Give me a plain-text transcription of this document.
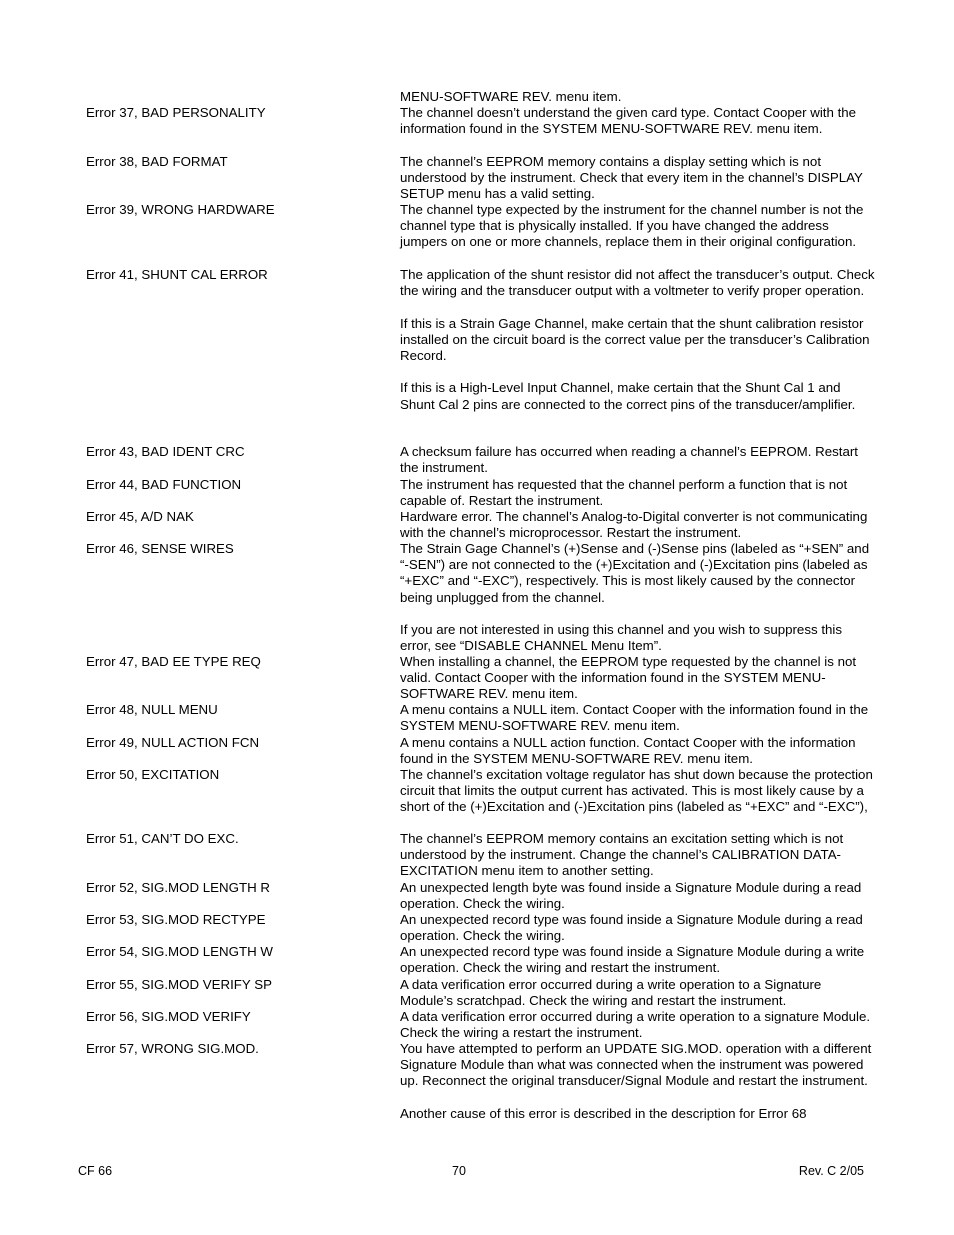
MENU-SOFTWARE REV. menu item.
Error 37, BAD PERSONALITY	The channel doesn’t understand the given card type. Contact Cooper with the information found in the SYSTEM MENU-SOFTWARE REV. menu item.

Error 38, BAD FORMAT	The channel’s EEPROM memory contains a display setting which is not understood by the instrument. Check that every item in the channel’s DISPLAY SETUP menu has a valid setting.

Error 39, WRONG HARDWARE	The channel type expected by the instrument for the channel number is not the channel type that is physically installed. If you have changed the address jumpers on one or more channels, replace them in their original configuration.

Error 41, SHUNT CAL ERROR	The application of the shunt resistor did not affect the transducer’s output. Check the wiring and the transducer output with a voltmeter to verify proper operation.

If this is a Strain Gage Channel, make certain that the shunt calibration resistor installed on the circuit board is the correct value per the transducer’s Calibration Record.

If this is a High-Level Input Channel, make certain that the Shunt Cal 1 and Shunt Cal 2 pins are connected to the correct pins of the transducer/amplifier.

Error 43, BAD IDENT CRC	A checksum failure has occurred when reading a channel’s EEPROM. Restart the instrument.

Error 44, BAD FUNCTION	The instrument has requested that the channel perform a function that is not capable of. Restart the instrument.

Error 45, A/D NAK	Hardware error. The channel’s Analog-to-Digital converter is not communicating with the channel’s microprocessor. Restart the instrument.

Error 46, SENSE WIRES	The Strain Gage Channel’s (+)Sense and (-)Sense pins (labeled as “+SEN” and “-SEN”) are not connected to the (+)Excitation and (-)Excitation pins (labeled as “+EXC” and “-EXC”), respectively. This is most likely caused by the connector being unplugged from the channel.

If you are not interested in using this channel and you wish to suppress this error, see “DISABLE CHANNEL Menu Item”.

Error 47, BAD EE TYPE REQ	When installing a channel, the EEPROM type requested by the channel is not valid. Contact Cooper with the information found in the SYSTEM MENU-SOFTWARE REV. menu item.

Error 48, NULL MENU	A menu contains a NULL item. Contact Cooper with the information found in the SYSTEM MENU-SOFTWARE REV. menu item.

Error 49, NULL ACTION FCN	A menu contains a NULL action function. Contact Cooper with the information found in the SYSTEM MENU-SOFTWARE REV. menu item.

Error 50, EXCITATION	The channel’s excitation voltage regulator has shut down because the protection circuit that limits the output current has activated. This is most likely cause by a short of the (+)Excitation and (-)Excitation pins (labeled as “+EXC” and “-EXC”),

Error 51, CAN’T DO EXC.	The channel’s EEPROM memory contains an excitation setting which is not understood by the instrument. Change the channel’s CALIBRATION DATA-EXCITATION menu item to another setting.

Error 52, SIG.MOD LENGTH R	An unexpected length byte was found inside a Signature Module during a read operation. Check the wiring.

Error 53, SIG.MOD RECTYPE	An unexpected record type was found inside a Signature Module during a read operation. Check the wiring.

Error 54, SIG.MOD LENGTH W	An unexpected record type was found inside a Signature Module during a write operation. Check the wiring and restart the instrument.

Error 55, SIG.MOD VERIFY SP	A data verification error occurred during a write operation to a Signature Module’s scratchpad. Check the wiring and restart the instrument.

Error 56, SIG.MOD VERIFY	A data verification error occurred during a write operation to a signature Module. Check the wiring a restart the instrument.

Error 57, WRONG SIG.MOD.	You have attempted to perform an UPDATE SIG.MOD. operation with a different Signature Module than what was connected when the instrument was powered up. Reconnect the original transducer/Signal Module and restart the instrument.

Another cause of this error is described in the description for Error 68

CF 66	70	Rev. C 2/05
